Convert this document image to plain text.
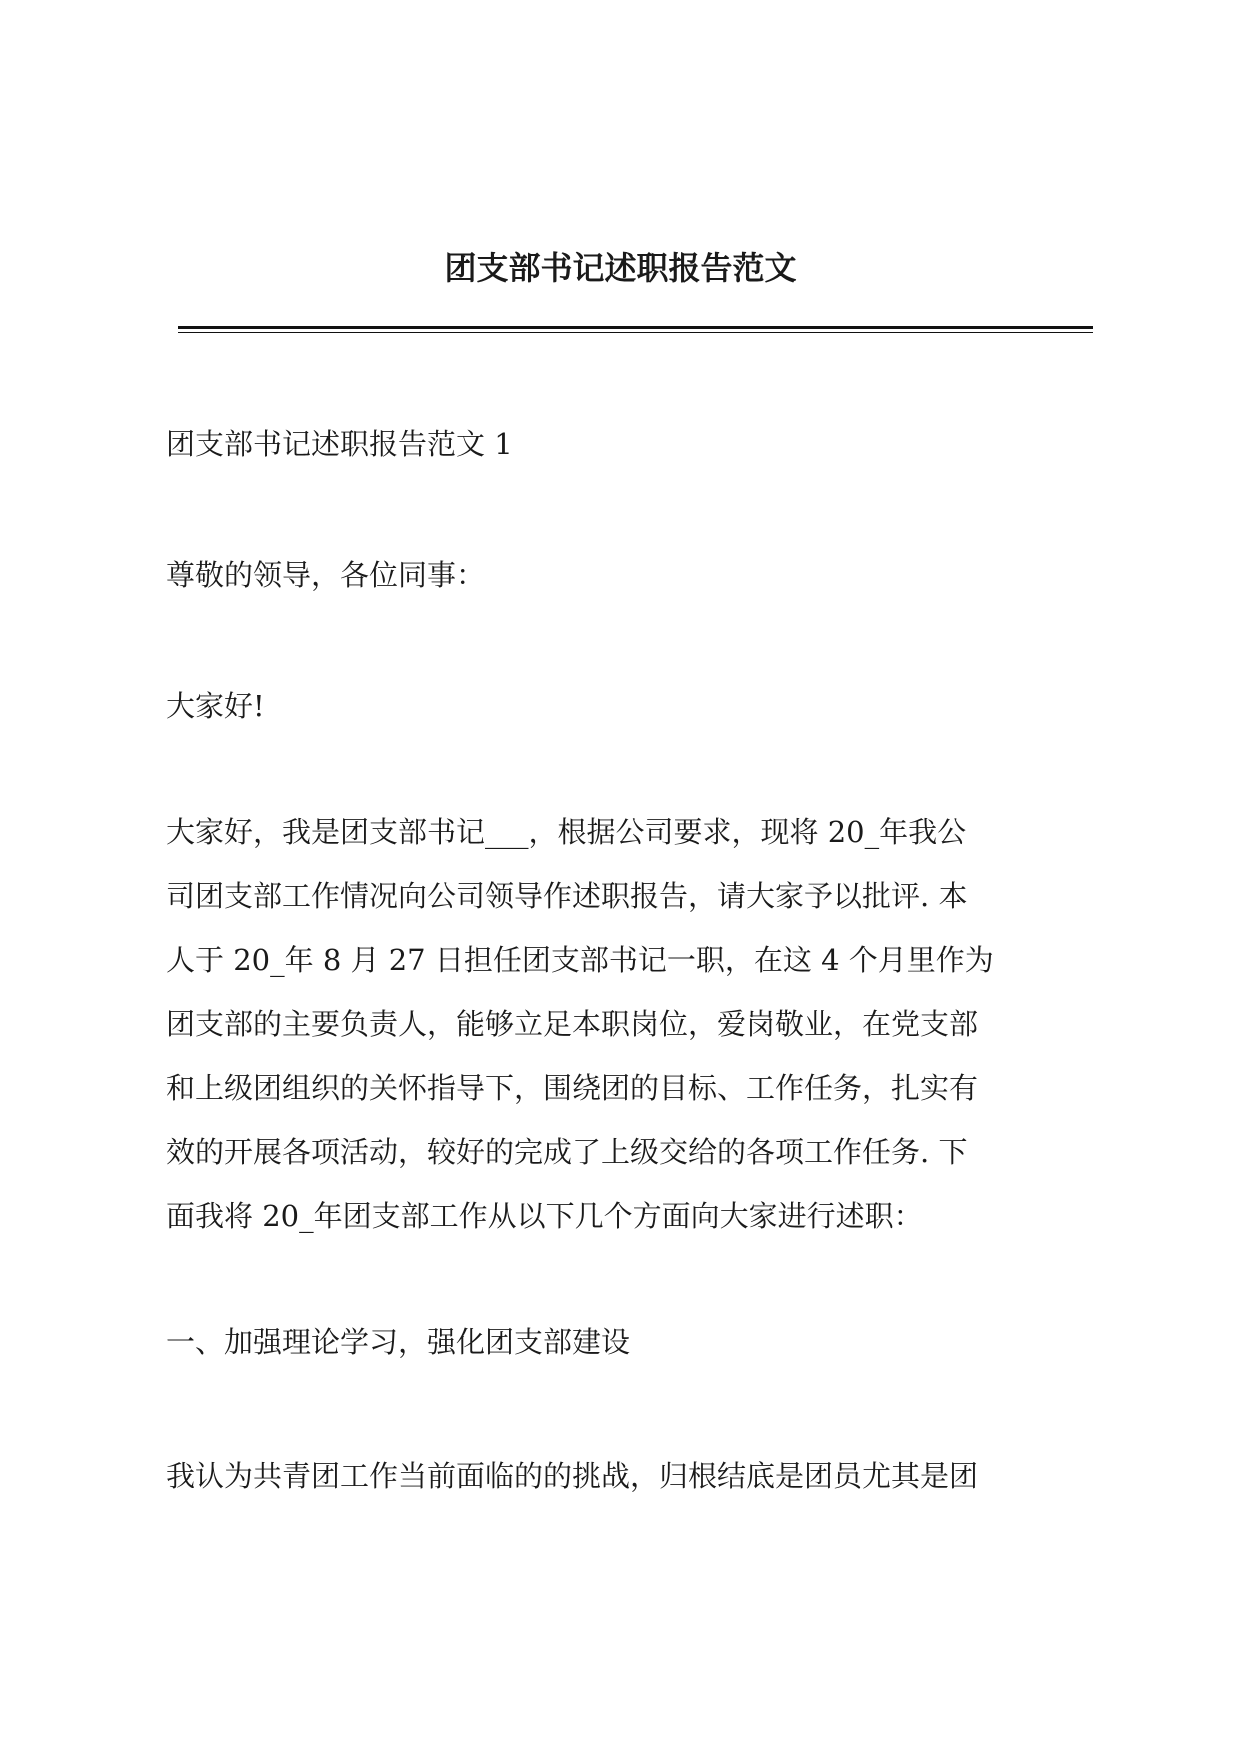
团支部书记述职报告范文

团支部书记述职报告范文 1

尊敬的领导，各位同事：

大家好!

大家好，我是团支部书记___，根据公司要求，现将 20_年我公

司团支部工作情况向公司领导作述职报告，请大家予以批评. 本

人于 20_年 8 月 27 日担任团支部书记一职，在这 4 个月里作为

团支部的主要负责人，能够立足本职岗位，爱岗敬业，在党支部

和上级团组织的关怀指导下，围绕团的目标、工作任务，扎实有

效的开展各项活动，较好的完成了上级交给的各项工作任务. 下

面我将 20_年团支部工作从以下几个方面向大家进行述职：

一、加强理论学习，强化团支部建设

我认为共青团工作当前面临的的挑战，归根结底是团员尤其是团
